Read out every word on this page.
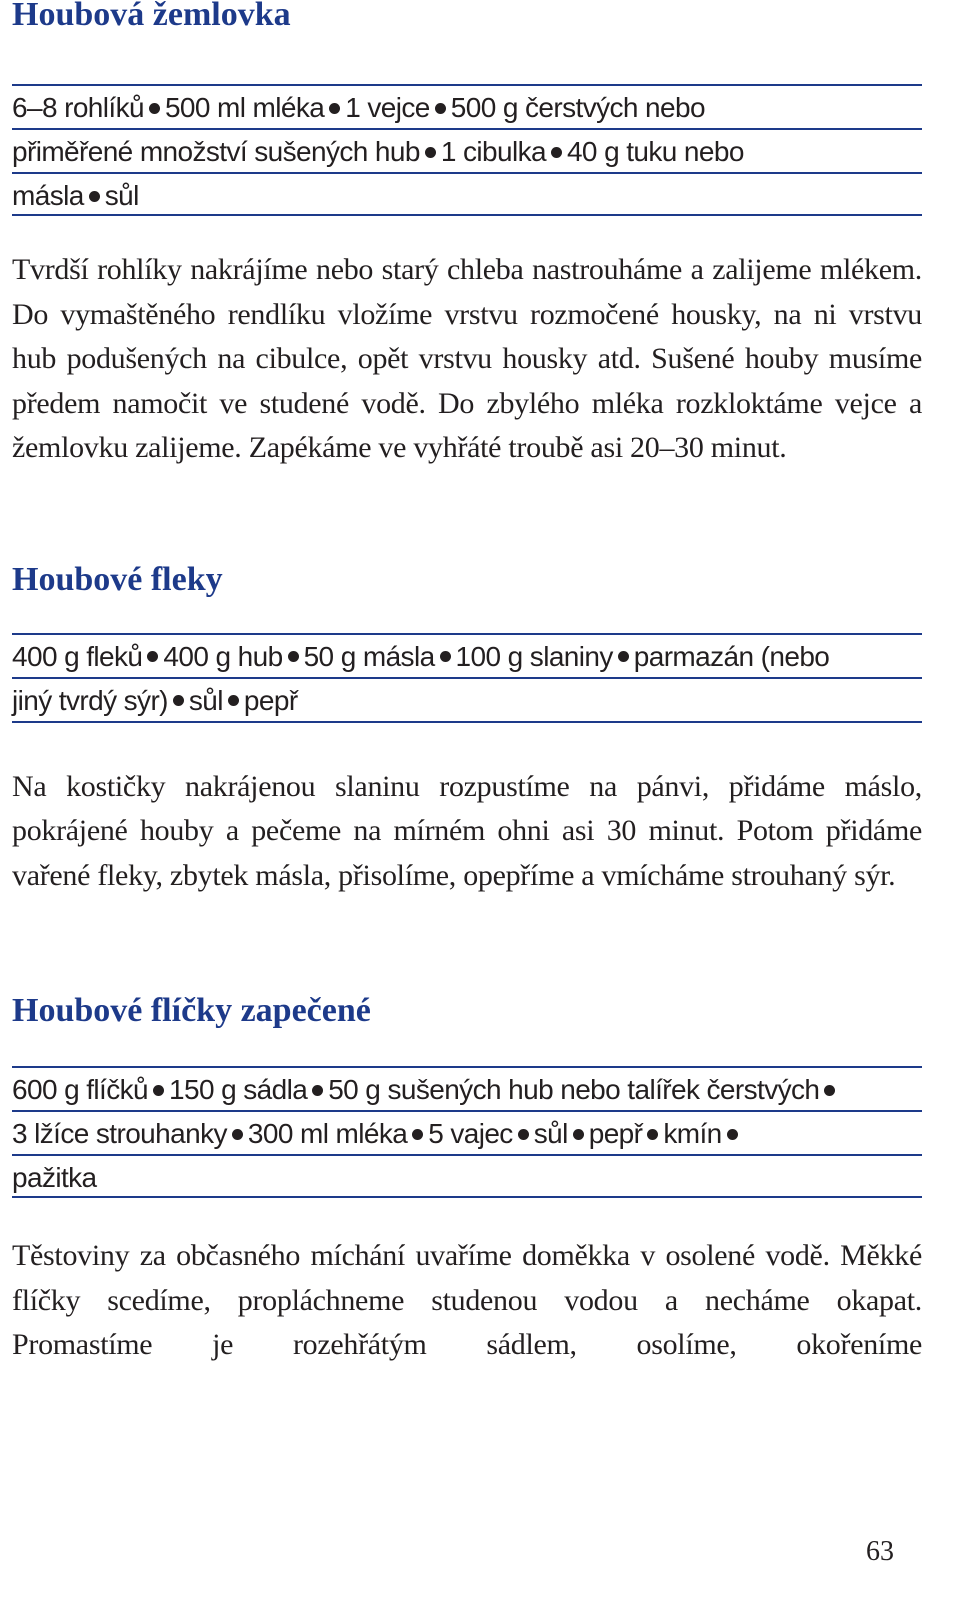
Houbová žemlovka
6–8 rohlíků 500 ml mléka 1 vejce 500 g čerstvých nebo
přiměřené množství sušených hub 1 cibulka 40 g tuku nebo
másla sůl

Tvrdší rohlíky nakrájíme nebo starý chleba nastrouháme a zalijeme mlékem. Do vymaštěného rendlíku vložíme vrstvu rozmočené housky, na ni vrstvu hub podušených na cibulce, opět vrstvu housky atd. Sušené houby musíme předem namočit ve studené vodě. Do zbylého mléka rozkloktáme vejce a žemlovku zalijeme. Zapékáme ve vyhřáté troubě asi 20–30 minut.

Houbové fleky
400 g fleků 400 g hub 50 g másla 100 g slaniny parmazán (nebo
jiný tvrdý sýr) sůl pepř

Na kostičky nakrájenou slaninu rozpustíme na pánvi, přidáme máslo, pokrájené houby a pečeme na mírném ohni asi 30 minut. Potom přidáme vařené fleky, zbytek másla, přisolíme, opepříme a vmícháme strouhaný sýr.

Houbové flíčky zapečené
600 g flíčků 150 g sádla 50 g sušených hub nebo talířek čerstvých
3 lžíce strouhanky 300 ml mléka 5 vajec sůl pepř kmín
pažitka

Těstoviny za občasného míchání uvaříme doměkka v osolené vodě. Měkké flíčky scedíme, propláchneme studenou vodou a necháme okapat. Promastíme je rozehřátým sádlem, osolíme, okořeníme

63
